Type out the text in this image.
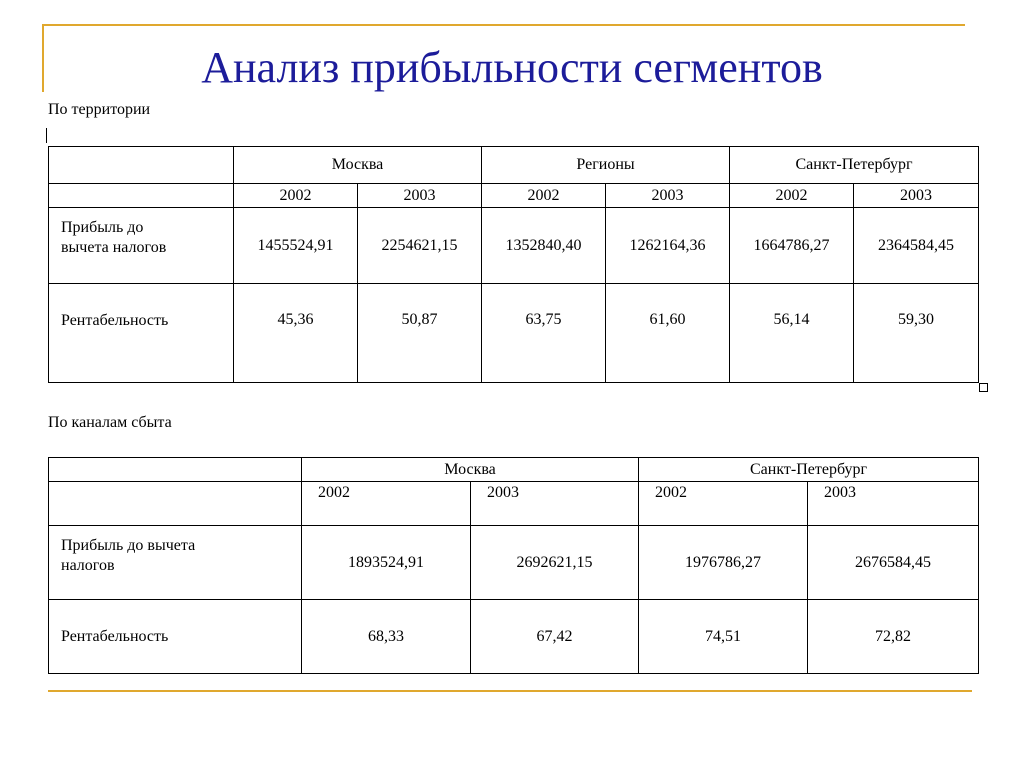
Анализ прибыльности сегментов
По территории
	Москва		Регионы		Санкт-Петербург	
	2002	2003	2002	2003	2002	2003
Прибыль до
вычета налогов	1455524,91	2254621,15	1352840,40	1262164,36	1664786,27	2364584,45
Рентабельность	45,36	50,87	63,75	61,60	56,14	59,30
По каналам сбыта
	Москва		Санкт-Петербург	
	2002	2003	2002	2003
Прибыль до вычета
налогов	1893524,91	2692621,15	1976786,27	2676584,45
Рентабельность	68,33	67,42	74,51	72,82
